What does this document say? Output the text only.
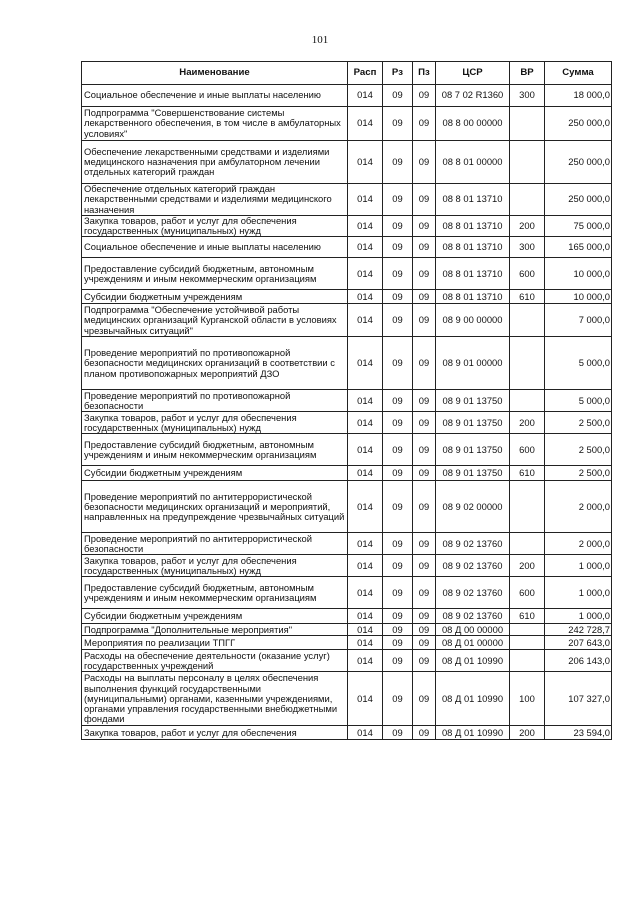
101
Наименование	Расп	Рз	Пз	ЦСР	ВР	Сумма
Социальное обеспечение и иные выплаты населению	014	09	09	08 7 02 R1360	300	18 000,0
Подпрограмма "Совершенствование системы лекарственного обеспечения, в том числе в амбулаторных условиях"	014	09	09	08 8 00 00000		250 000,0
Обеспечение лекарственными средствами и изделиями медицинского назначения при амбулаторном лечении отдельных категорий граждан	014	09	09	08 8 01 00000		250 000,0
Обеспечение отдельных категорий граждан лекарственными средствами и изделиями медицинского назначения	014	09	09	08 8 01 13710		250 000,0
Закупка товаров, работ и услуг для обеспечения государственных (муниципальных) нужд	014	09	09	08 8 01 13710	200	75 000,0
Социальное обеспечение и иные выплаты населению	014	09	09	08 8 01 13710	300	165 000,0
Предоставление субсидий бюджетным, автономным учреждениям и иным некоммерческим организациям	014	09	09	08 8 01 13710	600	10 000,0
Субсидии бюджетным учреждениям	014	09	09	08 8 01 13710	610	10 000,0
Подпрограмма "Обеспечение устойчивой работы медицинских организаций Курганской области в условиях чрезвычайных ситуаций"	014	09	09	08 9 00 00000		7 000,0
Проведение мероприятий по противопожарной безопасности медицинских организаций в соответствии с планом противопожарных мероприятий ДЗО	014	09	09	08 9 01 00000		5 000,0
Проведение мероприятий по противопожарной безопасности	014	09	09	08 9 01 13750		5 000,0
Закупка товаров, работ и услуг для обеспечения государственных (муниципальных) нужд	014	09	09	08 9 01 13750	200	2 500,0
Предоставление субсидий бюджетным, автономным учреждениям и иным некоммерческим организациям	014	09	09	08 9 01 13750	600	2 500,0
Субсидии бюджетным учреждениям	014	09	09	08 9 01 13750	610	2 500,0
Проведение мероприятий по антитеррористической безопасности медицинских организаций и мероприятий, направленных на предупреждение чрезвычайных ситуаций	014	09	09	08 9 02 00000		2 000,0
Проведение мероприятий по антитеррористической безопасности	014	09	09	08 9 02 13760		2 000,0
Закупка товаров, работ и услуг для обеспечения государственных (муниципальных) нужд	014	09	09	08 9 02 13760	200	1 000,0
Предоставление субсидий бюджетным, автономным учреждениям и иным некоммерческим организациям	014	09	09	08 9 02 13760	600	1 000,0
Субсидии бюджетным учреждениям	014	09	09	08 9 02 13760	610	1 000,0
Подпрограмма "Дополнительные мероприятия"	014	09	09	08 Д 00 00000		242 728,7
Мероприятия по реализации ТПГГ	014	09	09	08 Д 01 00000		207 643,0
Расходы на обеспечение деятельности (оказание услуг) государственных учреждений	014	09	09	08 Д 01 10990		206 143,0
Расходы на выплаты персоналу в целях обеспечения выполнения функций государственными (муниципальными) органами, казенными учреждениями, органами управления государственными внебюджетными фондами	014	09	09	08 Д 01 10990	100	107 327,0
Закупка товаров, работ и услуг для обеспечения	014	09	09	08 Д 01 10990	200	23 594,0
